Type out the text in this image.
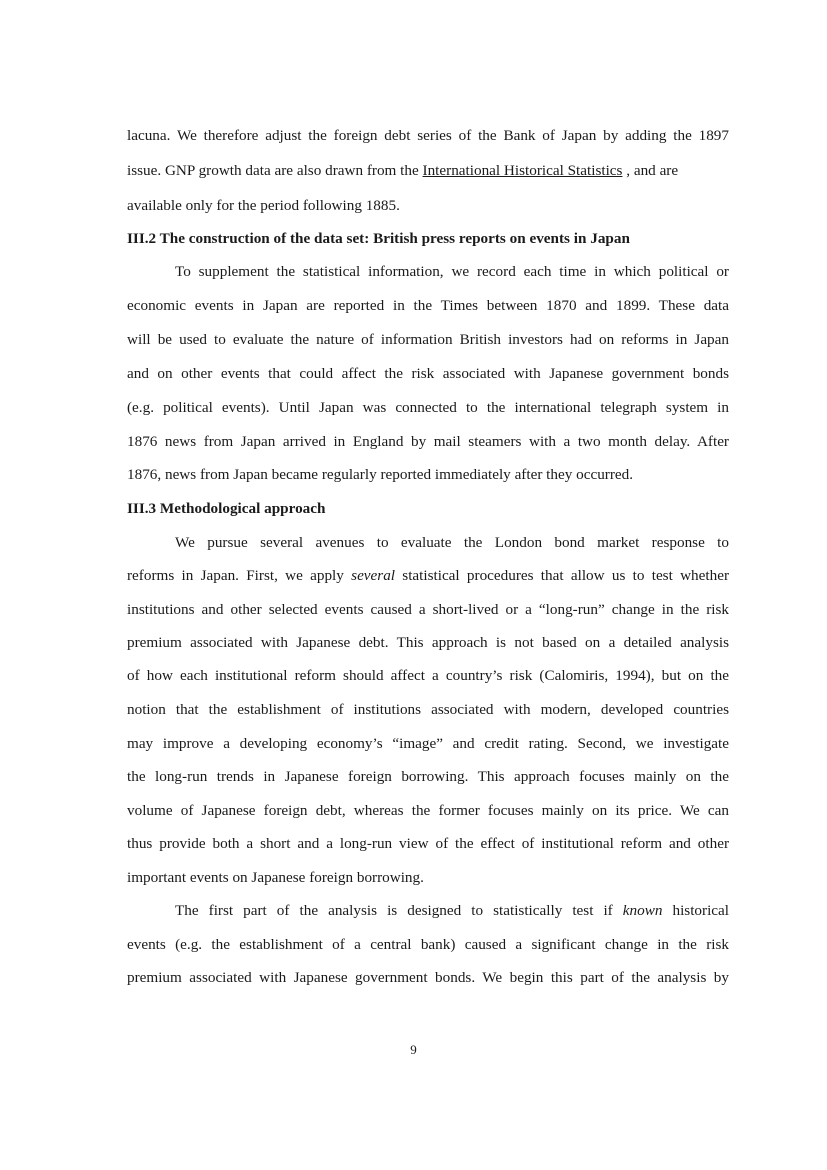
lacuna. We therefore adjust the foreign debt series of the Bank of Japan by adding the 1897
issue. GNP growth data are also drawn from the International Historical Statistics , and are
available only for the period following 1885.
III.2 The construction of the data set: British press reports on events in Japan
To supplement the statistical information, we record each time in which political or
economic events in Japan are reported in the Times between 1870 and 1899. These data
will be used to evaluate the nature of information British investors had on reforms in Japan
and on other events that could affect the risk associated with Japanese government bonds
(e.g. political events). Until Japan was connected to the international telegraph system in
1876 news from Japan arrived in England by mail steamers with a two month delay. After
1876, news from Japan became regularly reported immediately after they occurred.
III.3 Methodological approach
We pursue several avenues to evaluate the London bond market response to
reforms in Japan. First, we apply several statistical procedures that allow us to test whether
institutions and other selected events caused a short-lived or a “long-run” change in the risk
premium associated with Japanese debt. This approach is not based on a detailed analysis
of how each institutional reform should affect a country’s risk (Calomiris, 1994), but on the
notion that the establishment of institutions associated with modern, developed countries
may improve a developing economy’s “image” and credit rating. Second, we investigate
the long-run trends in Japanese foreign borrowing. This approach focuses mainly on the
volume of Japanese foreign debt, whereas the former focuses mainly on its price. We can
thus provide both a short and a long-run view of the effect of institutional reform and other
important events on Japanese foreign borrowing.
The first part of the analysis is designed to statistically test if known historical
events (e.g. the establishment of a central bank) caused a significant change in the risk
premium associated with Japanese government bonds. We begin this part of the analysis by
9
